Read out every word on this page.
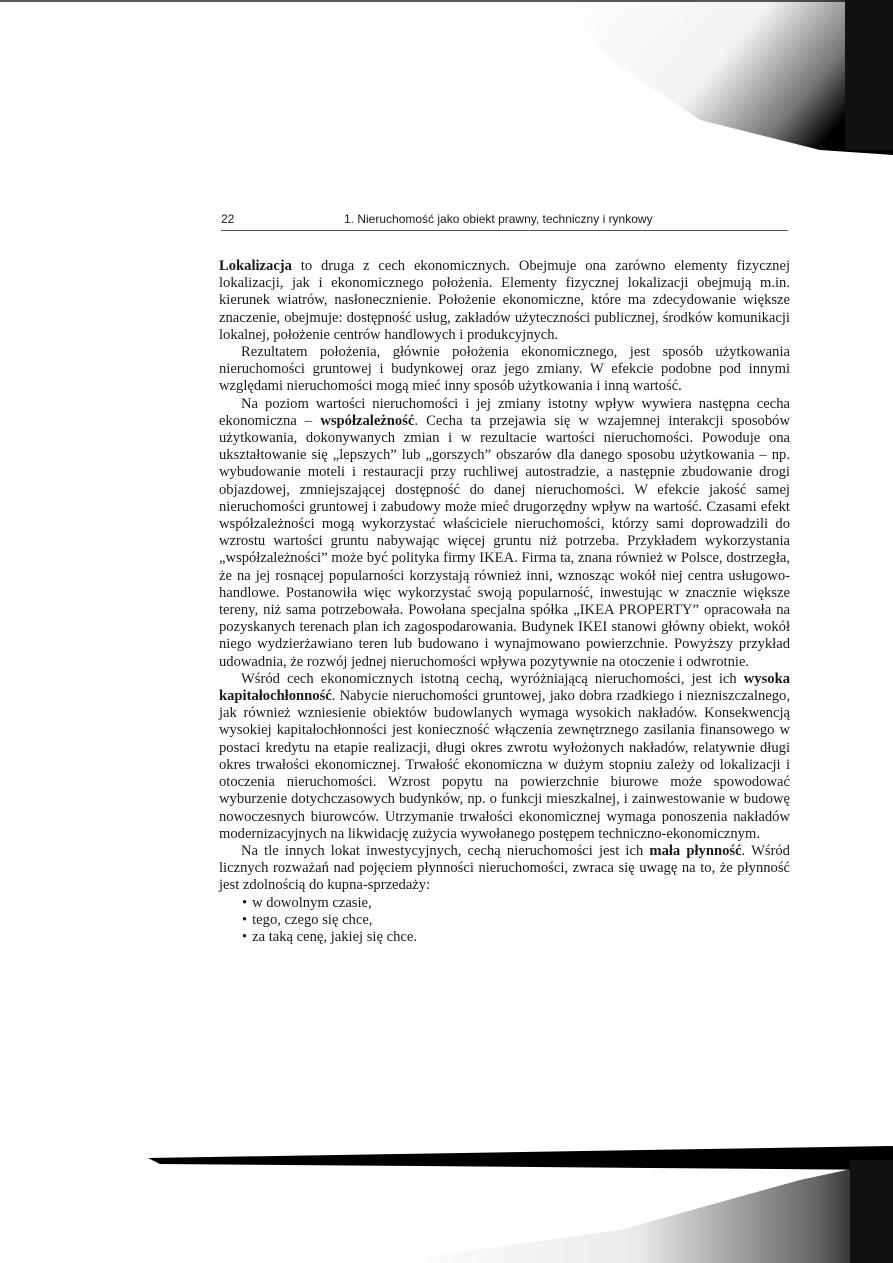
22	1. Nieruchomość jako obiekt prawny, techniczny i rynkowy

Lokalizacja to druga z cech ekonomicznych. Obejmuje ona zarówno elementy fizycznej lokalizacji, jak i ekonomicznego położenia. Elementy fizycznej lokalizacji obejmują m.in. kierunek wiatrów, nasłonecznienie. Położenie ekonomiczne, które ma zdecydowanie większe znaczenie, obejmuje: dostępność usług, zakładów użyteczności publicznej, środków komunikacji lokalnej, położenie centrów handlowych i produkcyjnych.

Rezultatem położenia, głównie położenia ekonomicznego, jest sposób użytkowania nieruchomości gruntowej i budynkowej oraz jego zmiany. W efekcie podobne pod innymi względami nieruchomości mogą mieć inny sposób użytkowania i inną wartość.

Na poziom wartości nieruchomości i jej zmiany istotny wpływ wywiera następna cecha ekonomiczna – współzależność. Cecha ta przejawia się w wzajemnej interakcji sposobów użytkowania, dokonywanych zmian i w rezultacie wartości nieruchomości. Powoduje ona ukształtowanie się „lepszych” lub „gorszych” obszarów dla danego sposobu użytkowania – np. wybudowanie moteli i restauracji przy ruchliwej autostradzie, a następnie zbudowanie drogi objazdowej, zmniejszającej dostępność do danej nieruchomości. W efekcie jakość samej nieruchomości gruntowej i zabudowy może mieć drugorzędny wpływ na wartość. Czasami efekt współzależności mogą wykorzystać właściciele nieruchomości, którzy sami doprowadzili do wzrostu wartości gruntu nabywając więcej gruntu niż potrzeba. Przykładem wykorzystania „współzależności” może być polityka firmy IKEA. Firma ta, znana również w Polsce, dostrzegła, że na jej rosnącej popularności korzystają również inni, wznosząc wokół niej centra usługowo-handlowe. Postanowiła więc wykorzystać swoją popularność, inwestując w znacznie większe tereny, niż sama potrzebowała. Powołana specjalna spółka „IKEA PROPERTY” opracowała na pozyskanych terenach plan ich zagospodarowania. Budynek IKEI stanowi główny obiekt, wokół niego wydzierżawiano teren lub budowano i wynajmowano powierzchnie. Powyższy przykład udowadnia, że rozwój jednej nieruchomości wpływa pozytywnie na otoczenie i odwrotnie.

Wśród cech ekonomicznych istotną cechą, wyróżniającą nieruchomości, jest ich wysoka kapitałochłonność. Nabycie nieruchomości gruntowej, jako dobra rzadkiego i niezniszczalnego, jak również wzniesienie obiektów budowlanych wymaga wysokich nakładów. Konsekwencją wysokiej kapitałochłonności jest konieczność włączenia zewnętrznego zasilania finansowego w postaci kredytu na etapie realizacji, długi okres zwrotu wyłożonych nakładów, relatywnie długi okres trwałości ekonomicznej. Trwałość ekonomiczna w dużym stopniu zależy od lokalizacji i otoczenia nieruchomości. Wzrost popytu na powierzchnie biurowe może spowodować wyburzenie dotychczasowych budynków, np. o funkcji mieszkalnej, i zainwestowanie w budowę nowoczesnych biurowców. Utrzymanie trwałości ekonomicznej wymaga ponoszenia nakładów modernizacyjnych na likwidację zużycia wywołanego postępem techniczno-ekonomicznym.

Na tle innych lokat inwestycyjnych, cechą nieruchomości jest ich mała płynność. Wśród licznych rozważań nad pojęciem płynności nieruchomości, zwraca się uwagę na to, że płynność jest zdolnością do kupna-sprzedaży:

• w dowolnym czasie,
• tego, czego się chce,
• za taką cenę, jakiej się chce.
